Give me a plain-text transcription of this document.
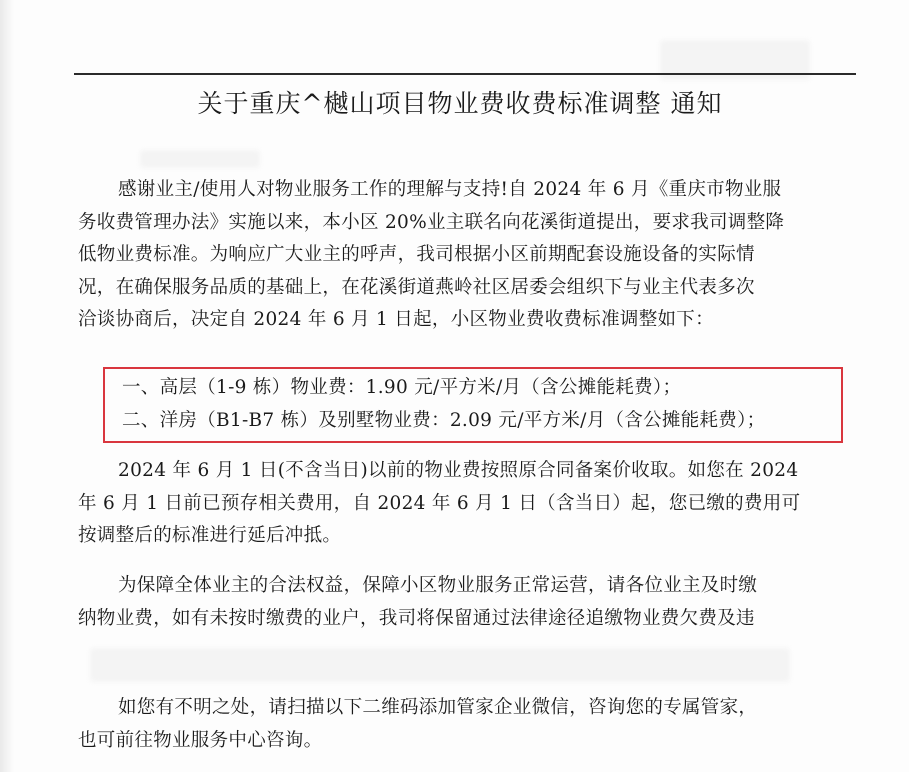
关于重庆^樾山项目物业费收费标准调整 通知
感谢业主/使用人对物业服务工作的理解与支持!自 2024 年 6 月《重庆市物业服
务收费管理办法》实施以来，本小区 20%业主联名向花溪街道提出，要求我司调整降
低物业费标准。为响应广大业主的呼声，我司根据小区前期配套设施设备的实际情
况，在确保服务品质的基础上，在花溪街道燕岭社区居委会组织下与业主代表多次
洽谈协商后，决定自 2024 年 6 月 1 日起，小区物业费收费标准调整如下：
一、高层（1-9 栋）物业费：1.90 元/平方米/月（含公摊能耗费）；
二、洋房（B1-B7 栋）及别墅物业费：2.09 元/平方米/月（含公摊能耗费）；
2024 年 6 月 1 日(不含当日)以前的物业费按照原合同备案价收取。如您在 2024
年 6 月 1 日前已预存相关费用，自 2024 年 6 月 1 日（含当日）起，您已缴的费用可
按调整后的标准进行延后冲抵。
为保障全体业主的合法权益，保障小区物业服务正常运营，请各位业主及时缴
纳物业费，如有未按时缴费的业户，我司将保留通过法律途径追缴物业费欠费及违
如您有不明之处，请扫描以下二维码添加管家企业微信，咨询您的专属管家，
也可前往物业服务中心咨询。
